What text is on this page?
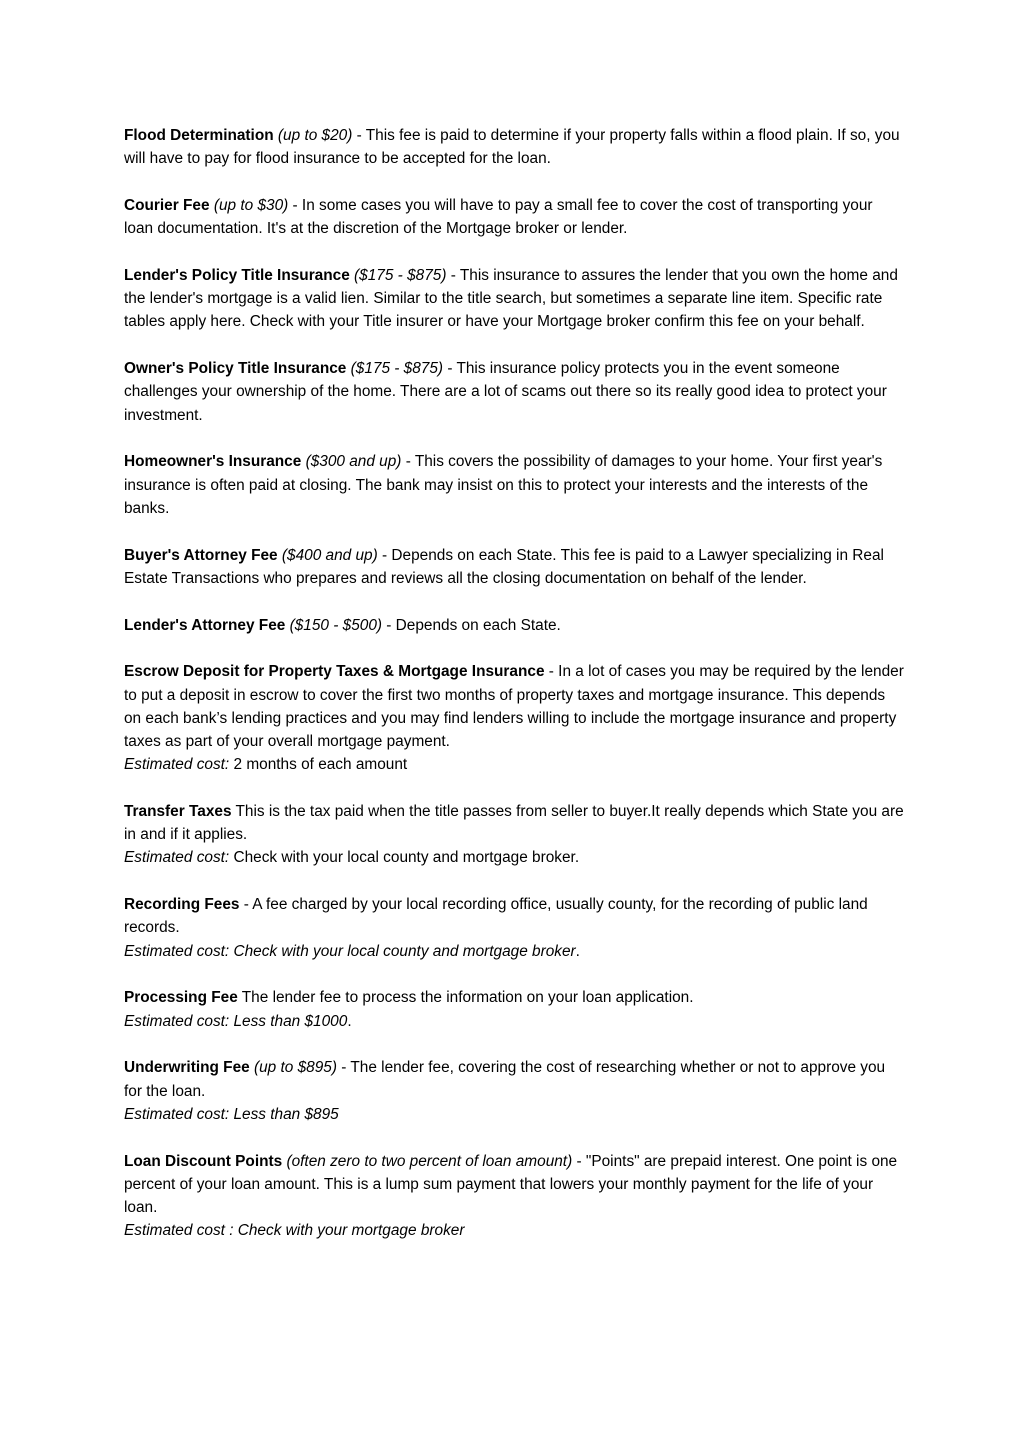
Flood Determination (up to $20) - This fee is paid to determine if your property falls within a flood plain. If so, you will have to pay for flood insurance to be accepted for the loan.

Courier Fee (up to $30) - In some cases you will have to pay a small fee to cover the cost of transporting your loan documentation. It's at the discretion of the Mortgage broker or lender.

Lender's Policy Title Insurance ($175 - $875) - This insurance to assures the lender that you own the home and the lender's mortgage is a valid lien. Similar to the title search, but sometimes a separate line item. Specific rate tables apply here. Check with your Title insurer or have your Mortgage broker confirm this fee on your behalf.

Owner's Policy Title Insurance ($175 - $875) - This insurance policy protects you in the event someone challenges your ownership of the home. There are a lot of scams out there so its really good idea to protect your investment.

Homeowner's Insurance ($300 and up) - This covers the possibility of damages to your home. Your first year's insurance is often paid at closing. The bank may insist on this to protect your interests and the interests of the banks.

Buyer's Attorney Fee ($400 and up) - Depends on each State. This fee is paid to a Lawyer specializing in Real Estate Transactions who prepares and reviews all the closing documentation on behalf of the lender.

Lender's Attorney Fee ($150 - $500) - Depends on each State.

Escrow Deposit for Property Taxes & Mortgage Insurance - In a lot of cases you may be required by the lender to put a deposit in escrow to cover the first two months of property taxes and mortgage insurance. This depends on each bank’s lending practices and you may find lenders willing to include the mortgage insurance and property taxes as part of your overall mortgage payment.

Estimated cost: 2 months of each amount

Transfer Taxes This is the tax paid when the title passes from seller to buyer.It really depends which State you are in and if it applies.

Estimated cost: Check with your local county and mortgage broker.

Recording Fees - A fee charged by your local recording office, usually county, for the recording of public land records.

Estimated cost: Check with your local county and mortgage broker.

Processing Fee The lender fee to process the information on your loan application.

Estimated cost: Less than $1000.

Underwriting Fee (up to $895) - The lender fee, covering the cost of researching whether or not to approve you for the loan.

Estimated cost: Less than $895

Loan Discount Points (often zero to two percent of loan amount) - "Points" are prepaid interest. One point is one percent of your loan amount. This is a lump sum payment that lowers your monthly payment for the life of your loan.

Estimated cost : Check with your mortgage broker
